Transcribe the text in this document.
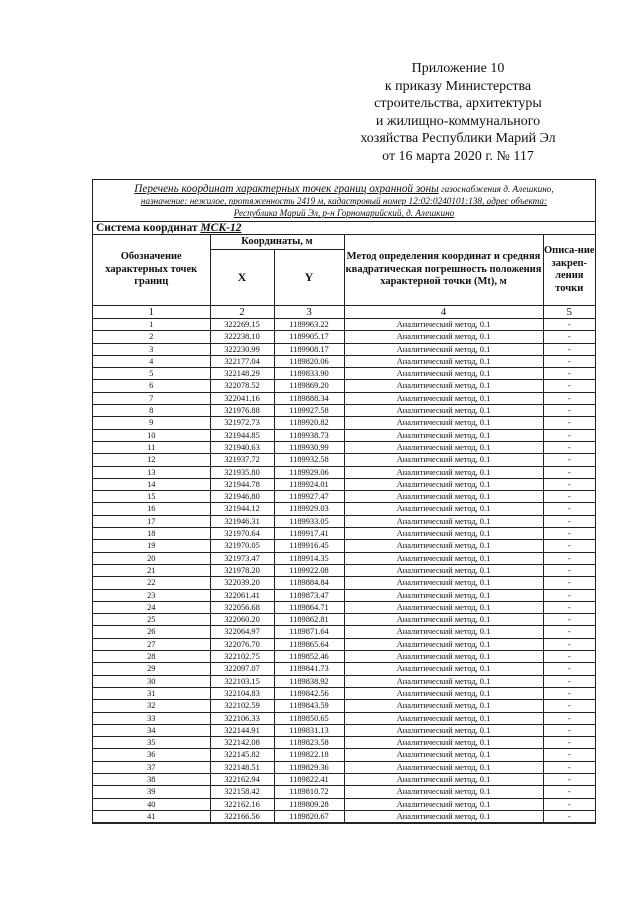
Приложение 10
к приказу Министерства
строительства, архитектуры
и жилищно-коммунального
хозяйства Республики Марий Эл
от 16 марта 2020 г. № 117
Перечень координат характерных точек границ охранной зоны газоснабжения д. Алешкино,
назначение: нежилое, протяженность 2419 м, кадастровый номер 12:02:0240101:138, адрес объекта:
Республика Марий Эл, р-н Горномарийский, д. Алешкино
Система координат МСК-12				
Обозначение характерных точек границ	Координаты, м		Метод определения координат и средняя квадратическая погрешность положения характерной точки (Mt), м	Описа-ние закреп-ления точки
	X	Y		
1	2	3	4	5
1	322269.15	1189963.22	Аналитический метод, 0.1	-
2	322238.10	1189905.17	Аналитический метод, 0.1	-
3	322230.99	1189908.17	Аналитический метод, 0.1	-
4	322177.04	1189820.06	Аналитический метод, 0.1	-
5	322148.29	1189833.90	Аналитический метод, 0.1	-
6	322078.52	1189869.20	Аналитический метод, 0.1	-
7	322041.16	1189888.34	Аналитический метод, 0.1	-
8	321976.88	1189927.58	Аналитический метод, 0.1	-
9	321972.73	1189920.82	Аналитический метод, 0.1	-
10	321944.85	1189938.73	Аналитический метод, 0.1	-
11	321940.63	1189930.99	Аналитический метод, 0.1	-
12	321937.72	1189932.58	Аналитический метод, 0.1	-
13	321935.80	1189929.06	Аналитический метод, 0.1	-
14	321944.78	1189924.01	Аналитический метод, 0.1	-
15	321946.80	1189927.47	Аналитический метод, 0.1	-
16	321944.12	1189929.03	Аналитический метод, 0.1	-
17	321946.31	1189933.05	Аналитический метод, 0.1	-
18	321970.64	1189917.41	Аналитический метод, 0.1	-
19	321970.05	1189916.45	Аналитический метод, 0.1	-
20	321973.47	1189914.35	Аналитический метод, 0.1	-
21	321978.20	1189922.08	Аналитический метод, 0.1	-
22	322039.20	1189884.84	Аналитический метод, 0.1	-
23	322061.41	1189873.47	Аналитический метод, 0.1	-
24	322056.68	1189864.71	Аналитический метод, 0.1	-
25	322060.20	1189862.81	Аналитический метод, 0.1	-
26	322064.97	1189871.64	Аналитический метод, 0.1	-
27	322076.70	1189865.64	Аналитический метод, 0.1	-
28	322102.75	1189852.46	Аналитический метод, 0.1	-
29	322097.07	1189841.73	Аналитический метод, 0.1	-
30	322103.15	1189838.92	Аналитический метод, 0.1	-
31	322104.83	1189842.56	Аналитический метод, 0.1	-
32	322102.59	1189843.59	Аналитический метод, 0.1	-
33	322106.33	1189850.65	Аналитический метод, 0.1	-
34	322144.91	1189831.13	Аналитический метод, 0.1	-
35	322142.08	1189823.58	Аналитический метод, 0.1	-
36	322145.82	1189822.18	Аналитический метод, 0.1	-
37	322148.51	1189829.36	Аналитический метод, 0.1	-
38	322162.94	1189822.41	Аналитический метод, 0.1	-
39	322158.42	1189810.72	Аналитический метод, 0.1	-
40	322162.16	1189809.28	Аналитический метод, 0.1	-
41	322166.56	1189820.67	Аналитический метод, 0.1	-
